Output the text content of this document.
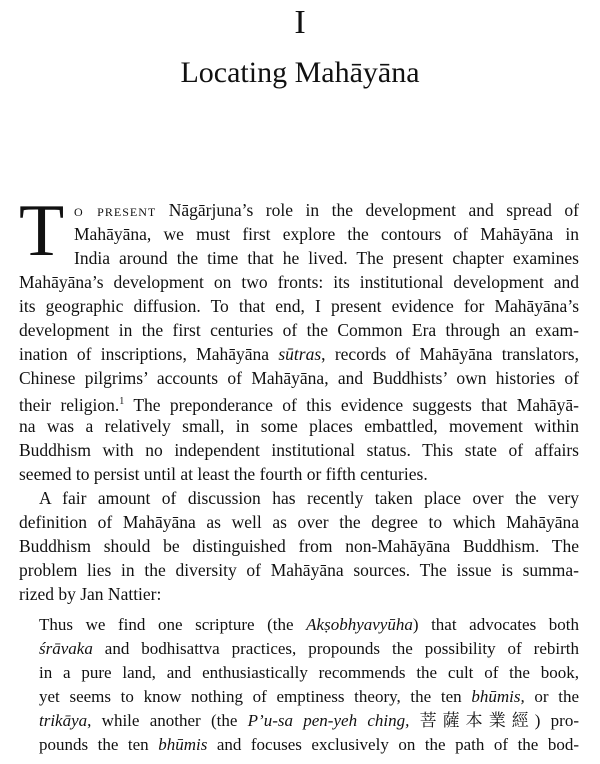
I
Locating Mahāyāna
T o present Nāgārjuna’s role in the development and spread of
Mahāyāna, we must first explore the contours of Mahāyāna in
India around the time that he lived. The present chapter examines
Mahāyāna’s development on two fronts: its institutional development and
its geographic diffusion. To that end, I present evidence for Mahāyāna’s
development in the first centuries of the Common Era through an exam-
ination of inscriptions, Mahāyāna sūtras, records of Mahāyāna translators,
Chinese pilgrims’ accounts of Mahāyāna, and Buddhists’ own histories of
their religion.$^1$ The preponderance of this evidence suggests that Mahāyā-
na was a relatively small, in some places embattled, movement within
Buddhism with no independent institutional status. This state of affairs
seemed to persist until at least the fourth or fifth centuries.
A fair amount of discussion has recently taken place over the very
definition of Mahāyāna as well as over the degree to which Mahāyāna
Buddhism should be distinguished from non-Mahāyāna Buddhism. The
problem lies in the diversity of Mahāyāna sources. The issue is summa-
rized by Jan Nattier:
Thus we find one scripture (the Akṣobhyavyūha) that advocates both
śrāvaka and bodhisattva practices, propounds the possibility of rebirth
in a pure land, and enthusiastically recommends the cult of the book,
yet seems to know nothing of emptiness theory, the ten bhūmis, or the
trikāya, while another (the P’u-sa pen-yeh ching, 菩薩本業經) pro-
pounds the ten bhūmis and focuses exclusively on the path of the bod-
